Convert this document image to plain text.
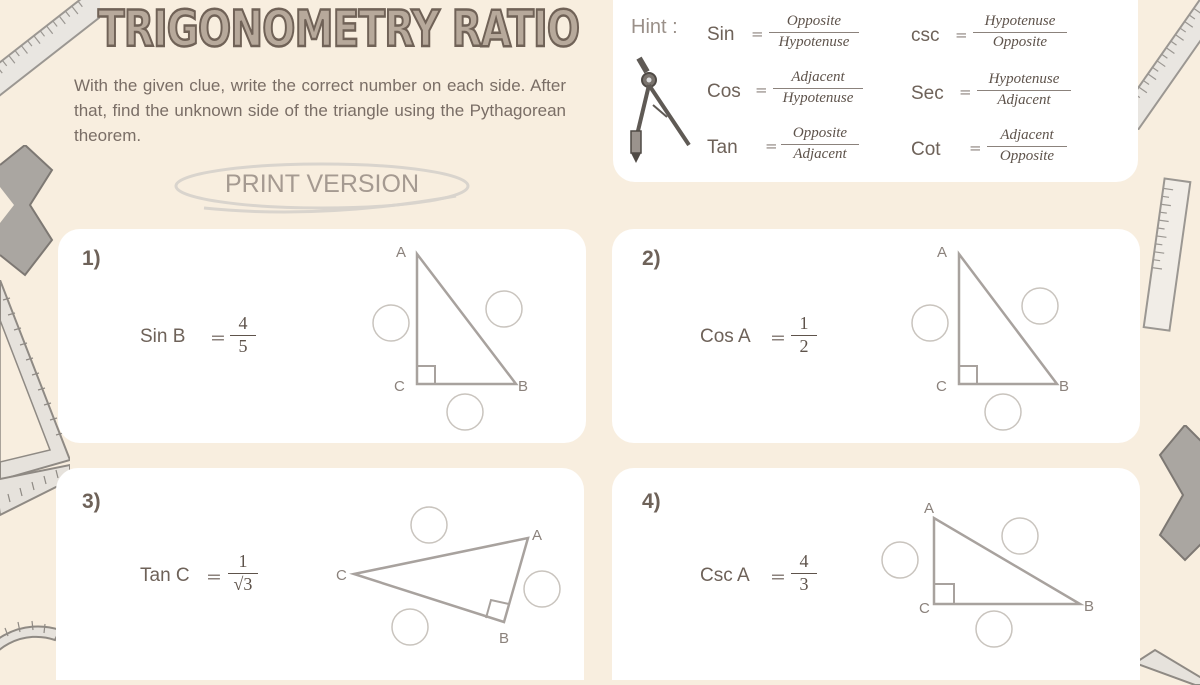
TRIGONOMETRY RATIO
With the given clue, write the correct number on each side. After that, find the unknown side of the triangle using the Pythagorean theorem.
PRINT VERSION
Hint : Sin =
Opposite
Hypotenuse
Cos =
Adjacent
Hypotenuse
Tan =
Opposite
Adjacent
csc =
Hypotenuse
Opposite
Sec =
Hypotenuse
Adjacent
Cot =
Adjacent
Opposite
1)
Sin $B = \frac{4}{5}$
A
C	B
2)
Cos $A = \frac{1}{2}$
A
C	B
3)
Tan $C = \frac{1}{√3}$
A
C
B
4)
Csc $A = \frac{4}{3}$
A
C	B
